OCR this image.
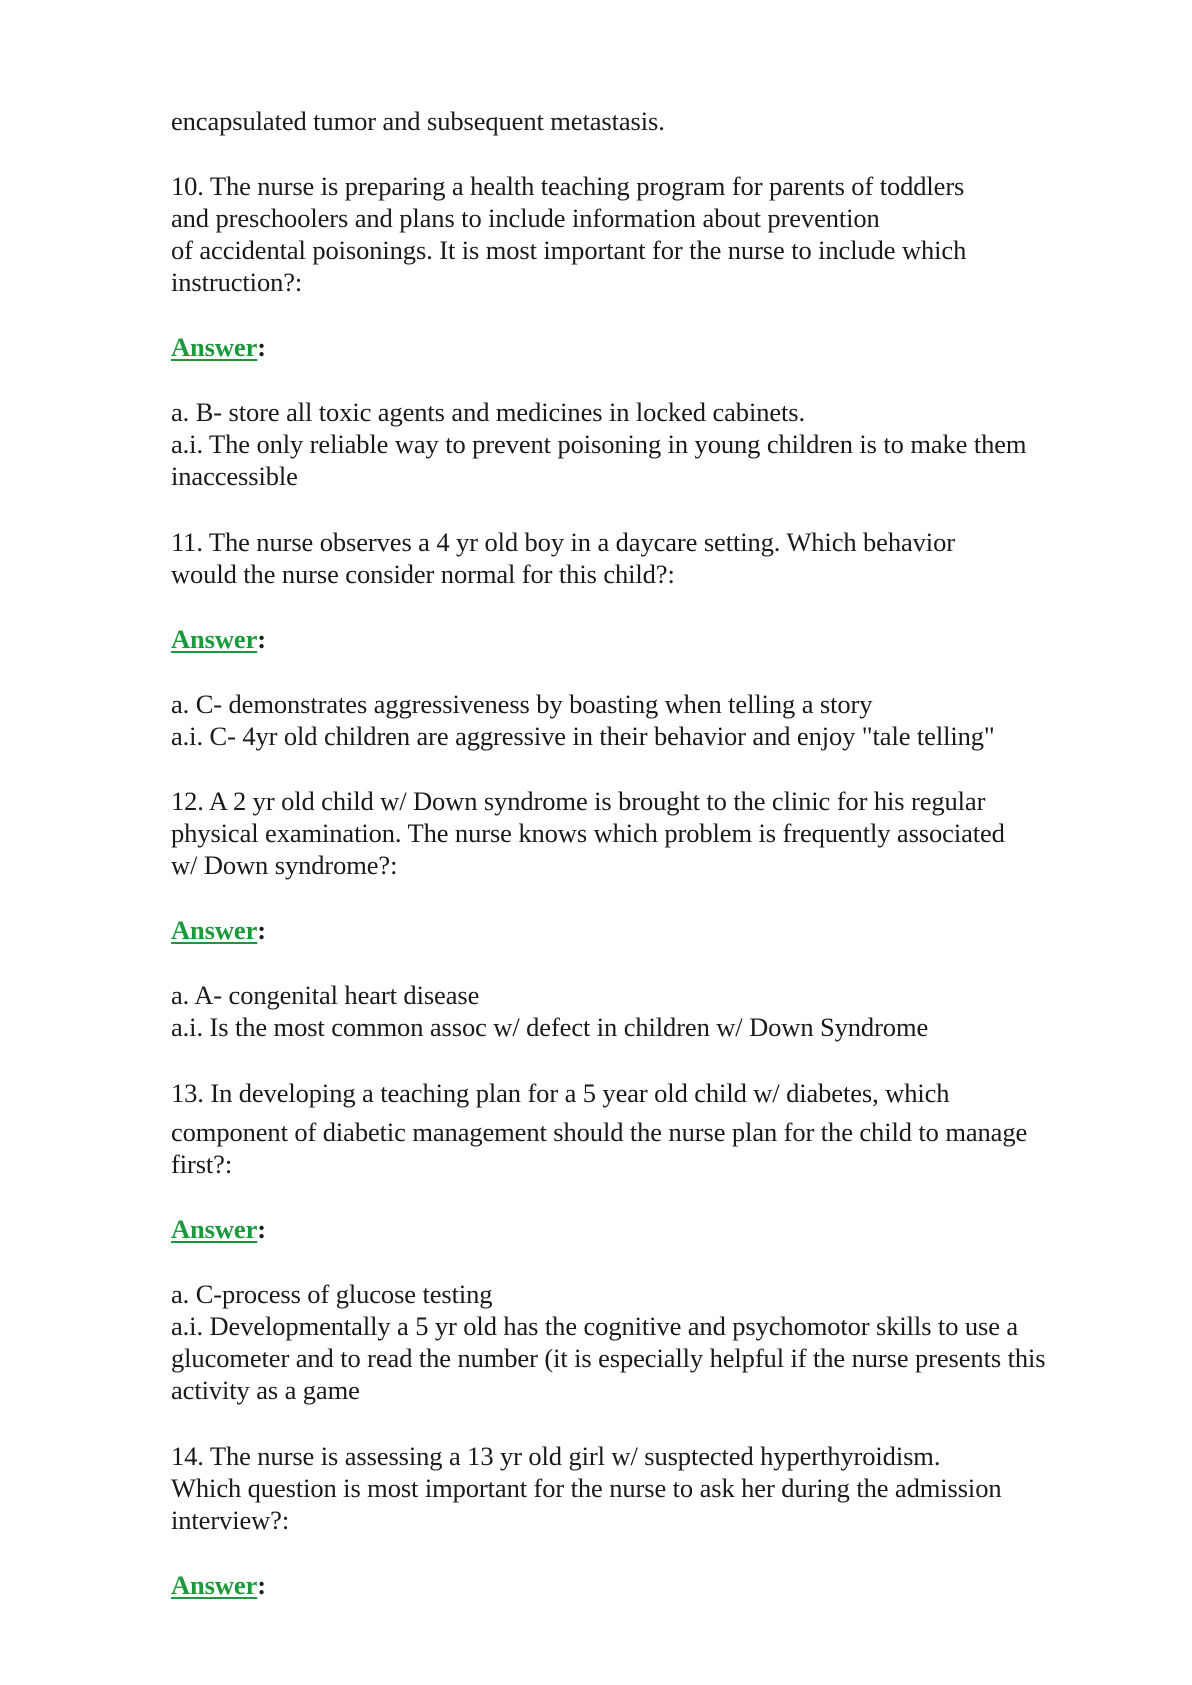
encapsulated tumor and subsequent metastasis.
10. The nurse is preparing a health teaching program for parents of toddlers
and preschoolers and plans to include information about prevention
of accidental poisonings. It is most important for the nurse to include which
instruction?:
Answer:
a. B- store all toxic agents and medicines in locked cabinets.
a.i. The only reliable way to prevent poisoning in young children is to make them
inaccessible
11. The nurse observes a 4 yr old boy in a daycare setting. Which behavior
would the nurse consider normal for this child?:
Answer:
a. C- demonstrates aggressiveness by boasting when telling a story
a.i. C- 4yr old children are aggressive in their behavior and enjoy "tale telling"
12. A 2 yr old child w/ Down syndrome is brought to the clinic for his regular
physical examination. The nurse knows which problem is frequently associated
w/ Down syndrome?:
Answer:
a. A- congenital heart disease
a.i. Is the most common assoc w/ defect in children w/ Down Syndrome
13. In developing a teaching plan for a 5 year old child w/ diabetes, which
component of diabetic management should the nurse plan for the child to manage
first?:
Answer:
a. C-process of glucose testing
a.i. Developmentally a 5 yr old has the cognitive and psychomotor skills to use a
glucometer and to read the number (it is especially helpful if the nurse presents this
activity as a game
14. The nurse is assessing a 13 yr old girl w/ susptected hyperthyroidism.
Which question is most important for the nurse to ask her during the admission
interview?:
Answer:
